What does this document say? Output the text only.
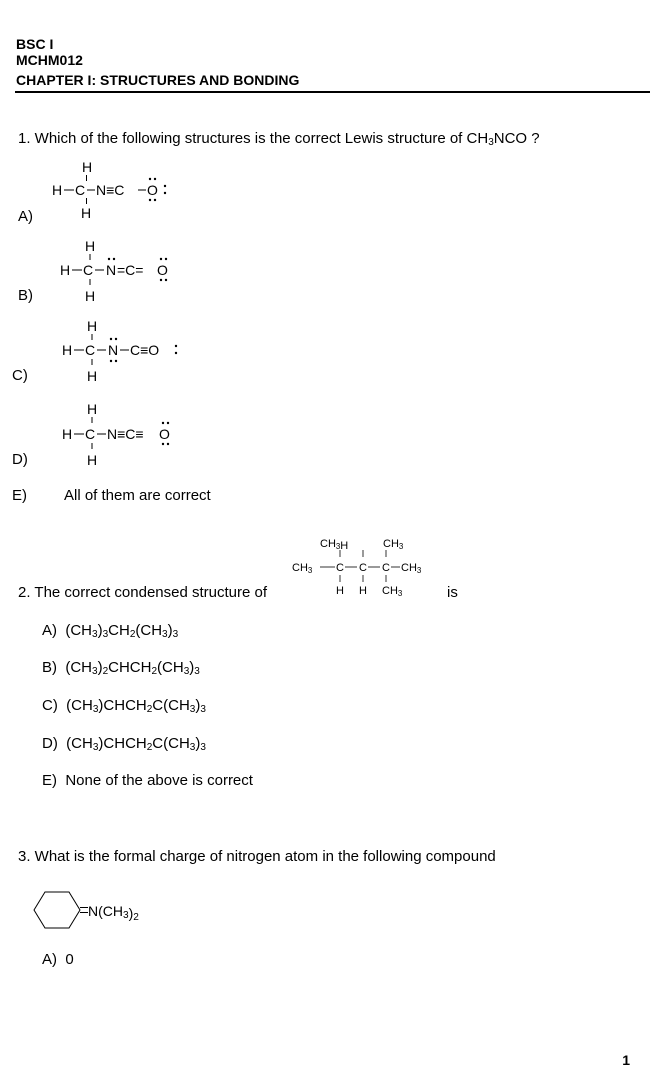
BSC I
MCHM012
CHAPTER I: STRUCTURES AND BONDING
1. Which of the following structures is the correct Lewis structure of $CH_3NCO$ ?
H
H C N≡C O
H
A)
H
H C N =C= O
H
B)
H
H C N C≡O
H
C)
H
H C N≡C≡ O
H
D)
E) All of them are correct
2. The correct condensed structure of
CH3H	CH3
CH3 C C C CH3
H H CH3	is
A) $(CH_3)_3CH_2(CH_3)_3$
B) $(CH_3)_2CHCH_2(CH_3)_3$
C) $(CH_3)CHCH_2C(CH_3)_3$
D) $(CH_3)CHCH_2C(CH_3)_3$
E) None of the above is correct
3. What is the formal charge of nitrogen atom in the following compound
N(CH3)2
A) 0
1
